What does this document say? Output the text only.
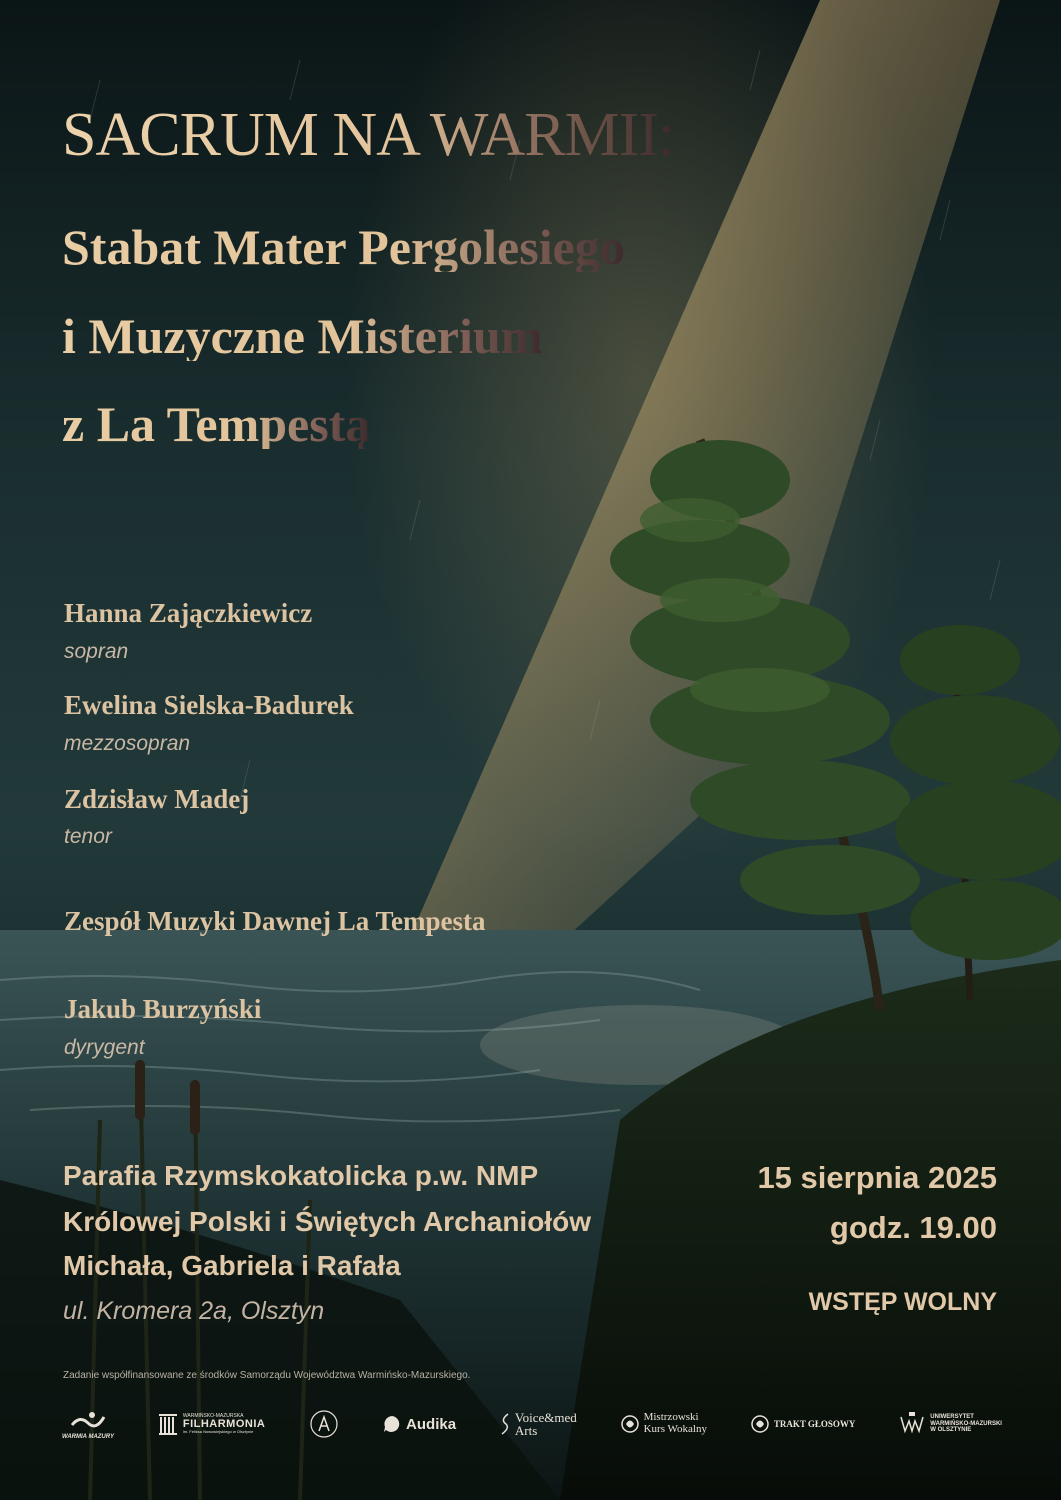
SACRUM NA WARMII:
Stabat Mater Pergolesiego
i Muzyczne Misterium
z La Tempestą
Hanna Zajączkiewicz
sopran
Ewelina Sielska-Badurek
mezzosopran
Zdzisław Madej
tenor
Zespół Muzyki Dawnej La Tempesta
Jakub Burzyński
dyrygent
Parafia Rzymskokatolicka p.w. NMP
Królowej Polski i Świętych Archaniołów
Michała, Gabriela i Rafała
ul. Kromera 2a, Olsztyn
15 sierpnia 2025
godz. 19.00
WSTĘP WOLNY
Zadanie współfinansowane ze środków Samorządu Województwa Warmińsko-Mazurskiego.
WARMIA MAZURY
WARMIŃSKO-MAZURSKA
FILHARMONIA
im. Feliksa Nowowiejskiego w Olsztynie	Audika	Voice&med
Arts
Mistrzowski
Kurs Wokalny	TRAKT GŁOSOWY
UNIWERSYTET
WARMIŃSKO-MAZURSKI
W OLSZTYNIE
